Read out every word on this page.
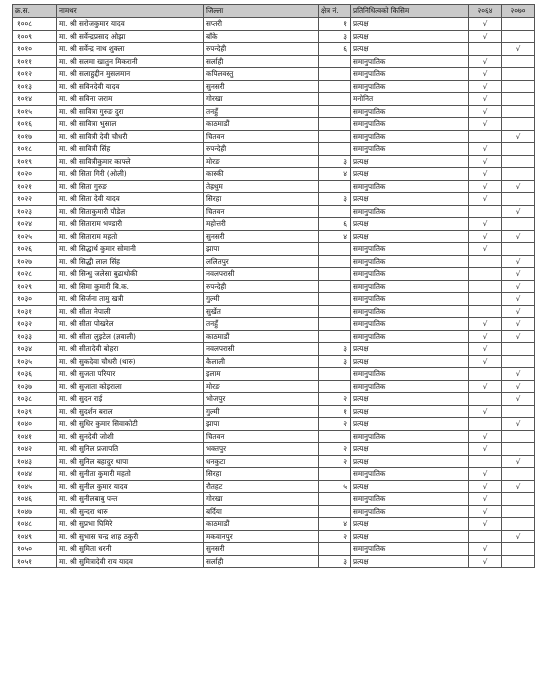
क्र.स.	नामथर	जिल्ला	क्षेत्र नं.	प्रतिनिधित्वको किसिम	२०६४	२०७०
१००८	मा. श्री सरोजकुमार यादव	सप्तरी	१	प्रत्यक्ष	√	
१००९	मा. श्री सर्वेन्द्रप्रसाद ओझा	बाँके	३	प्रत्यक्ष	√	
१०१०	मा. श्री सर्वेन्द्र नाथ शुक्ला	रुपन्देही	६	प्रत्यक्ष		√
१०११	मा. श्री सलमा खातुन मिकरानी	सर्लाही		समानुपातिक	√	
१०१२	मा. श्री सलाहुद्दीन मुसलमान	कपिलवस्तु		समानुपातिक	√	
१०१३	मा. श्री सविनदेवी यादव	सुनसरी		समानुपातिक	√	
१०१४	मा. श्री सविना जराम	गोरखा		मनोनित	√	
१०१५	मा. श्री सावित्रा गुरुङ दुरा	तनहुँ		समानुपातिक	√	
१०१६	मा. श्री सावित्रा भुसाल	काठमाडौं		समानुपातिक	√	
१०१७	मा. श्री सावित्री देवी चौधरी	चितवन		समानुपातिक		√
१०१८	मा. श्री सावित्री सिंह	रुपन्देही		समानुपातिक	√	
१०१९	मा. श्री सावित्रीकुमार काफ्ले	मोरङ	३	प्रत्यक्ष	√	
१०२०	मा. श्री सिता गिरी (ओली)	कास्की	४	प्रत्यक्ष	√	
१०२१	मा. श्री सिता गुरुङ	तेह्रथुम		समानुपातिक	√	√
१०२२	मा. श्री सिता देवी यादव	सिरहा	३	प्रत्यक्ष	√	
१०२३	मा. श्री सिताकुमारी पौडेल	चितवन		समानुपातिक		√
१०२४	मा. श्री सिताराम भण्डारी	महोत्तरी	६	प्रत्यक्ष	√	
१०२५	मा. श्री सिताराम महतो	सुनसरी	४	प्रत्यक्ष	√	√
१०२६	मा. श्री सिद्धार्थ कुमार सोमानी	झापा		समानुपातिक	√	
१०२७	मा. श्री सिद्धी लाल सिंह	ललितपुर		समानुपातिक		√
१०२८	मा. श्री सिन्धु जलेसा बुढाथोकी	नवलपरासी		समानुपातिक		√
१०२९	मा. श्री सिमा कुमारी बि.क.	रुपन्देही		समानुपातिक		√
१०३०	मा. श्री सिर्जना तामु खत्री	गुल्मी		समानुपातिक		√
१०३१	मा. श्री सीता नेपाली	सुर्खेत		समानुपातिक		√
१०३२	मा. श्री सीता पोखरेल	तनहुँ		समानुपातिक	√	√
१०३३	मा. श्री सीता लुइटेल (ज्ञवाली)	काठमाडौं		समानुपातिक	√	√
१०३४	मा. श्री सीतादेवी बोहरा	नवलपरासी	३	प्रत्यक्ष	√	
१०३५	मा. श्री सुकदेवा चौधरी (थारु)	कैलाली	३	प्रत्यक्ष	√	
१०३६	मा. श्री सुजता परियार	इलाम		समानुपातिक		√
१०३७	मा. श्री सुजाता कोइराला	मोरङ		समानुपातिक	√	√
१०३८	मा. श्री सुदन राई	भोजपुर	२	प्रत्यक्ष		√
१०३९	मा. श्री सुदर्शन बराल	गुल्मी	१	प्रत्यक्ष	√	
१०४०	मा. श्री सुधिर कुमार सिवाकोटी	झापा	२	प्रत्यक्ष		√
१०४१	मा. श्री सुनदेवी जोशी	चितवन		समानुपातिक	√	
१०४२	मा. श्री सुनिल प्रजापति	भक्तपुर	२	प्रत्यक्ष	√	
१०४३	मा. श्री सुनिल बहादुर थापा	धनकुटा	२	प्रत्यक्ष		√
१०४४	मा. श्री सुनीता कुमारी महतो	सिरहा		समानुपातिक	√	
१०४५	मा. श्री सुनील कुमार यादव	रौतहट	५	प्रत्यक्ष	√	√
१०४६	मा. श्री सुनीलबाबु पन्त	गोरखा		समानुपातिक	√	
१०४७	मा. श्री सुन्दरा थारु	बर्दिया		समानुपातिक	√	
१०४८	मा. श्री सुप्रभा घिमिरे	काठमाडौं	४	प्रत्यक्ष	√	
१०४९	मा. श्री सुभास चन्द्र शाह ठकुरी	मकवानपुर	२	प्रत्यक्ष		√
१०५०	मा. श्री सुमिता धरनी	सुनसरी		समानुपातिक	√	
१०५१	मा. श्री सुमित्रादेवी राय यादव	सर्लाही	३	प्रत्यक्ष	√	
